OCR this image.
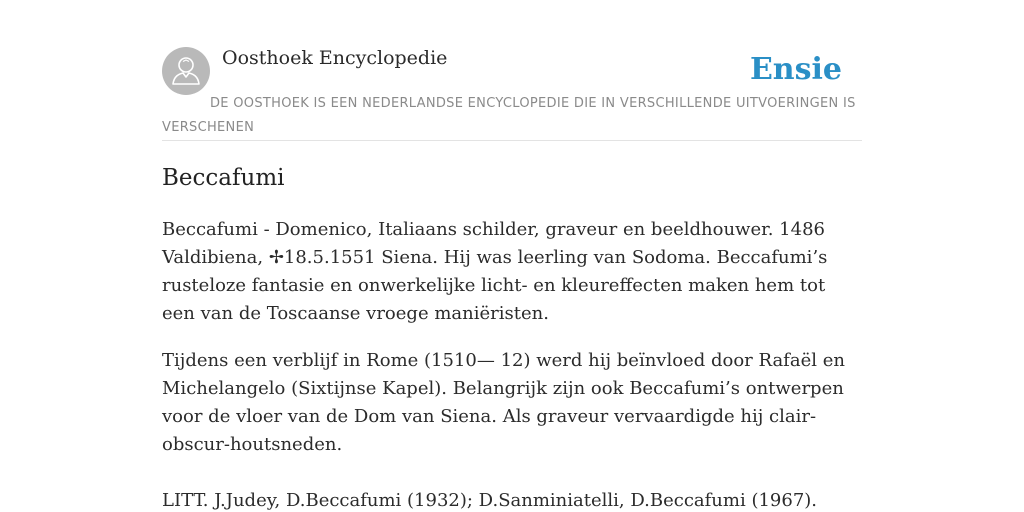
Oosthoek Encyclopedie	Ensie

DE OOSTHOEK IS EEN NEDERLANDSE ENCYCLOPEDIE DIE IN VERSCHILLENDE UITVOERINGEN IS VERSCHENEN

Beccafumi

Beccafumi - Domenico, Italiaans schilder, graveur en beeldhouwer. 1486 Valdibiena, ✢18.5.1551 Siena. Hij was leerling van Sodoma. Beccafumi’s rusteloze fantasie en onwerkelijke licht- en kleureffecten maken hem tot een van de Toscaanse vroege maniëristen.

Tijdens een verblijf in Rome (1510— 12) werd hij beïnvloed door Rafaël en Michelangelo (Sixtijnse Kapel). Belangrijk zijn ook Beccafumi’s ontwerpen voor de vloer van de Dom van Siena. Als graveur vervaardigde hij clair-obscur-houtsneden.

LITT. J.Judey, D.Beccafumi (1932); D.Sanminiatelli, D.Beccafumi (1967).
